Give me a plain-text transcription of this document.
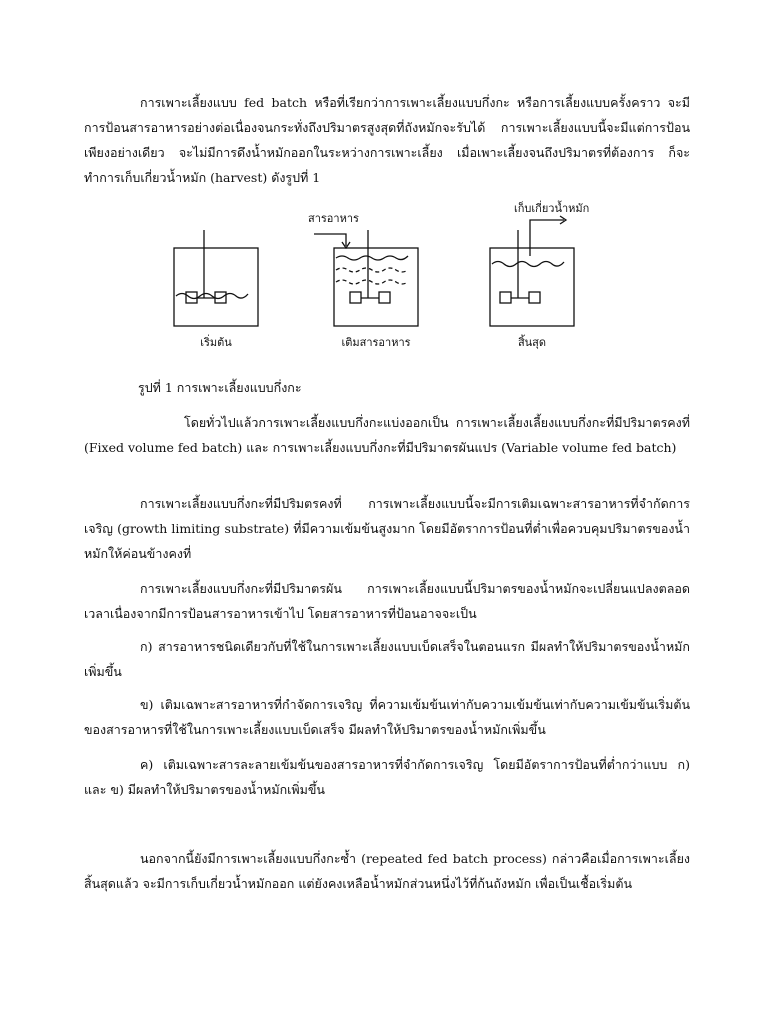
การเพาะเลี้ยงแบบ fed batch หรือที่เรียกว่าการเพาะเลี้ยงแบบกึ่งกะ หรือการเลี้ยงแบบครั้งคราว จะมีการป้อนสารอาหารอย่างต่อเนื่องจนกระทั่งถึงปริมาตรสูงสุดที่ถังหมักจะรับได้ การเพาะเลี้ยงแบบนี้จะมีแต่การป้อนเพียงอย่างเดียว จะไม่มีการดึงน้ำหมักออกในระหว่างการเพาะเลี้ยง เมื่อเพาะเลี้ยงจนถึงปริมาตรที่ต้องการ ก็จะทำการเก็บเกี่ยวน้ำหมัก (harvest) ดังรูปที่ 1

สารอาหาร
เก็บเกี่ยวน้ำหมัก
เริ่มต้น	เติมสารอาหาร	สิ้นสุด

รูปที่ 1 การเพาะเลี้ยงแบบกึ่งกะ

โดยทั่วไปแล้วการเพาะเลี้ยงแบบกึ่งกะแบ่งออกเป็น การเพาะเลี้ยงเลี้ยงแบบกึ่งกะที่มีปริมาตรคงที่ (Fixed volume fed batch) และ การเพาะเลี้ยงแบบกึ่งกะที่มีปริมาตรผันแปร (Variable volume fed batch)

การเพาะเลี้ยงแบบกึ่งกะที่มีปริมตรคงที่ การเพาะเลี้ยงแบบนี้จะมีการเติมเฉพาะสารอาหารที่จำกัดการเจริญ (growth limiting substrate) ที่มีความเข้มข้นสูงมาก โดยมีอัตราการป้อนที่ต่ำเพื่อควบคุมปริมาตรของน้ำหมักให้ค่อนข้างคงที่

การเพาะเลี้ยงแบบกึ่งกะที่มีปริมาตรผัน การเพาะเลี้ยงแบบนี้ปริมาตรของน้ำหมักจะเปลี่ยนแปลงตลอดเวลาเนื่องจากมีการป้อนสารอาหารเข้าไป โดยสารอาหารที่ป้อนอาจจะเป็น

ก) สารอาหารชนิดเดียวกับที่ใช้ในการเพาะเลี้ยงแบบเบ็ดเสร็จในตอนแรก มีผลทำให้ปริมาตรของน้ำหมักเพิ่มขึ้น

ข) เติมเฉพาะสารอาหารที่กำจัดการเจริญ ที่ความเข้มข้นเท่ากับความเข้มข้นเท่ากับความเข้มข้นเริ่มต้นของสารอาหารที่ใช้ในการเพาะเลี้ยงแบบเบ็ดเสร็จ มีผลทำให้ปริมาตรของน้ำหมักเพิ่มขึ้น

ค) เติมเฉพาะสารละลายเข้มข้นของสารอาหารที่จำกัดการเจริญ โดยมีอัตราการป้อนที่ต่ำกว่าแบบ ก) และ ข) มีผลทำให้ปริมาตรของน้ำหมักเพิ่มขึ้น

นอกจากนี้ยังมีการเพาะเลี้ยงแบบกึ่งกะซ้ำ (repeated fed batch process) กล่าวคือเมื่อการเพาะเลี้ยงสิ้นสุดแล้ว จะมีการเก็บเกี่ยวน้ำหมักออก แต่ยังคงเหลือน้ำหมักส่วนหนึ่งไว้ที่ก้นถังหมัก เพื่อเป็นเชื้อเริ่มต้น
